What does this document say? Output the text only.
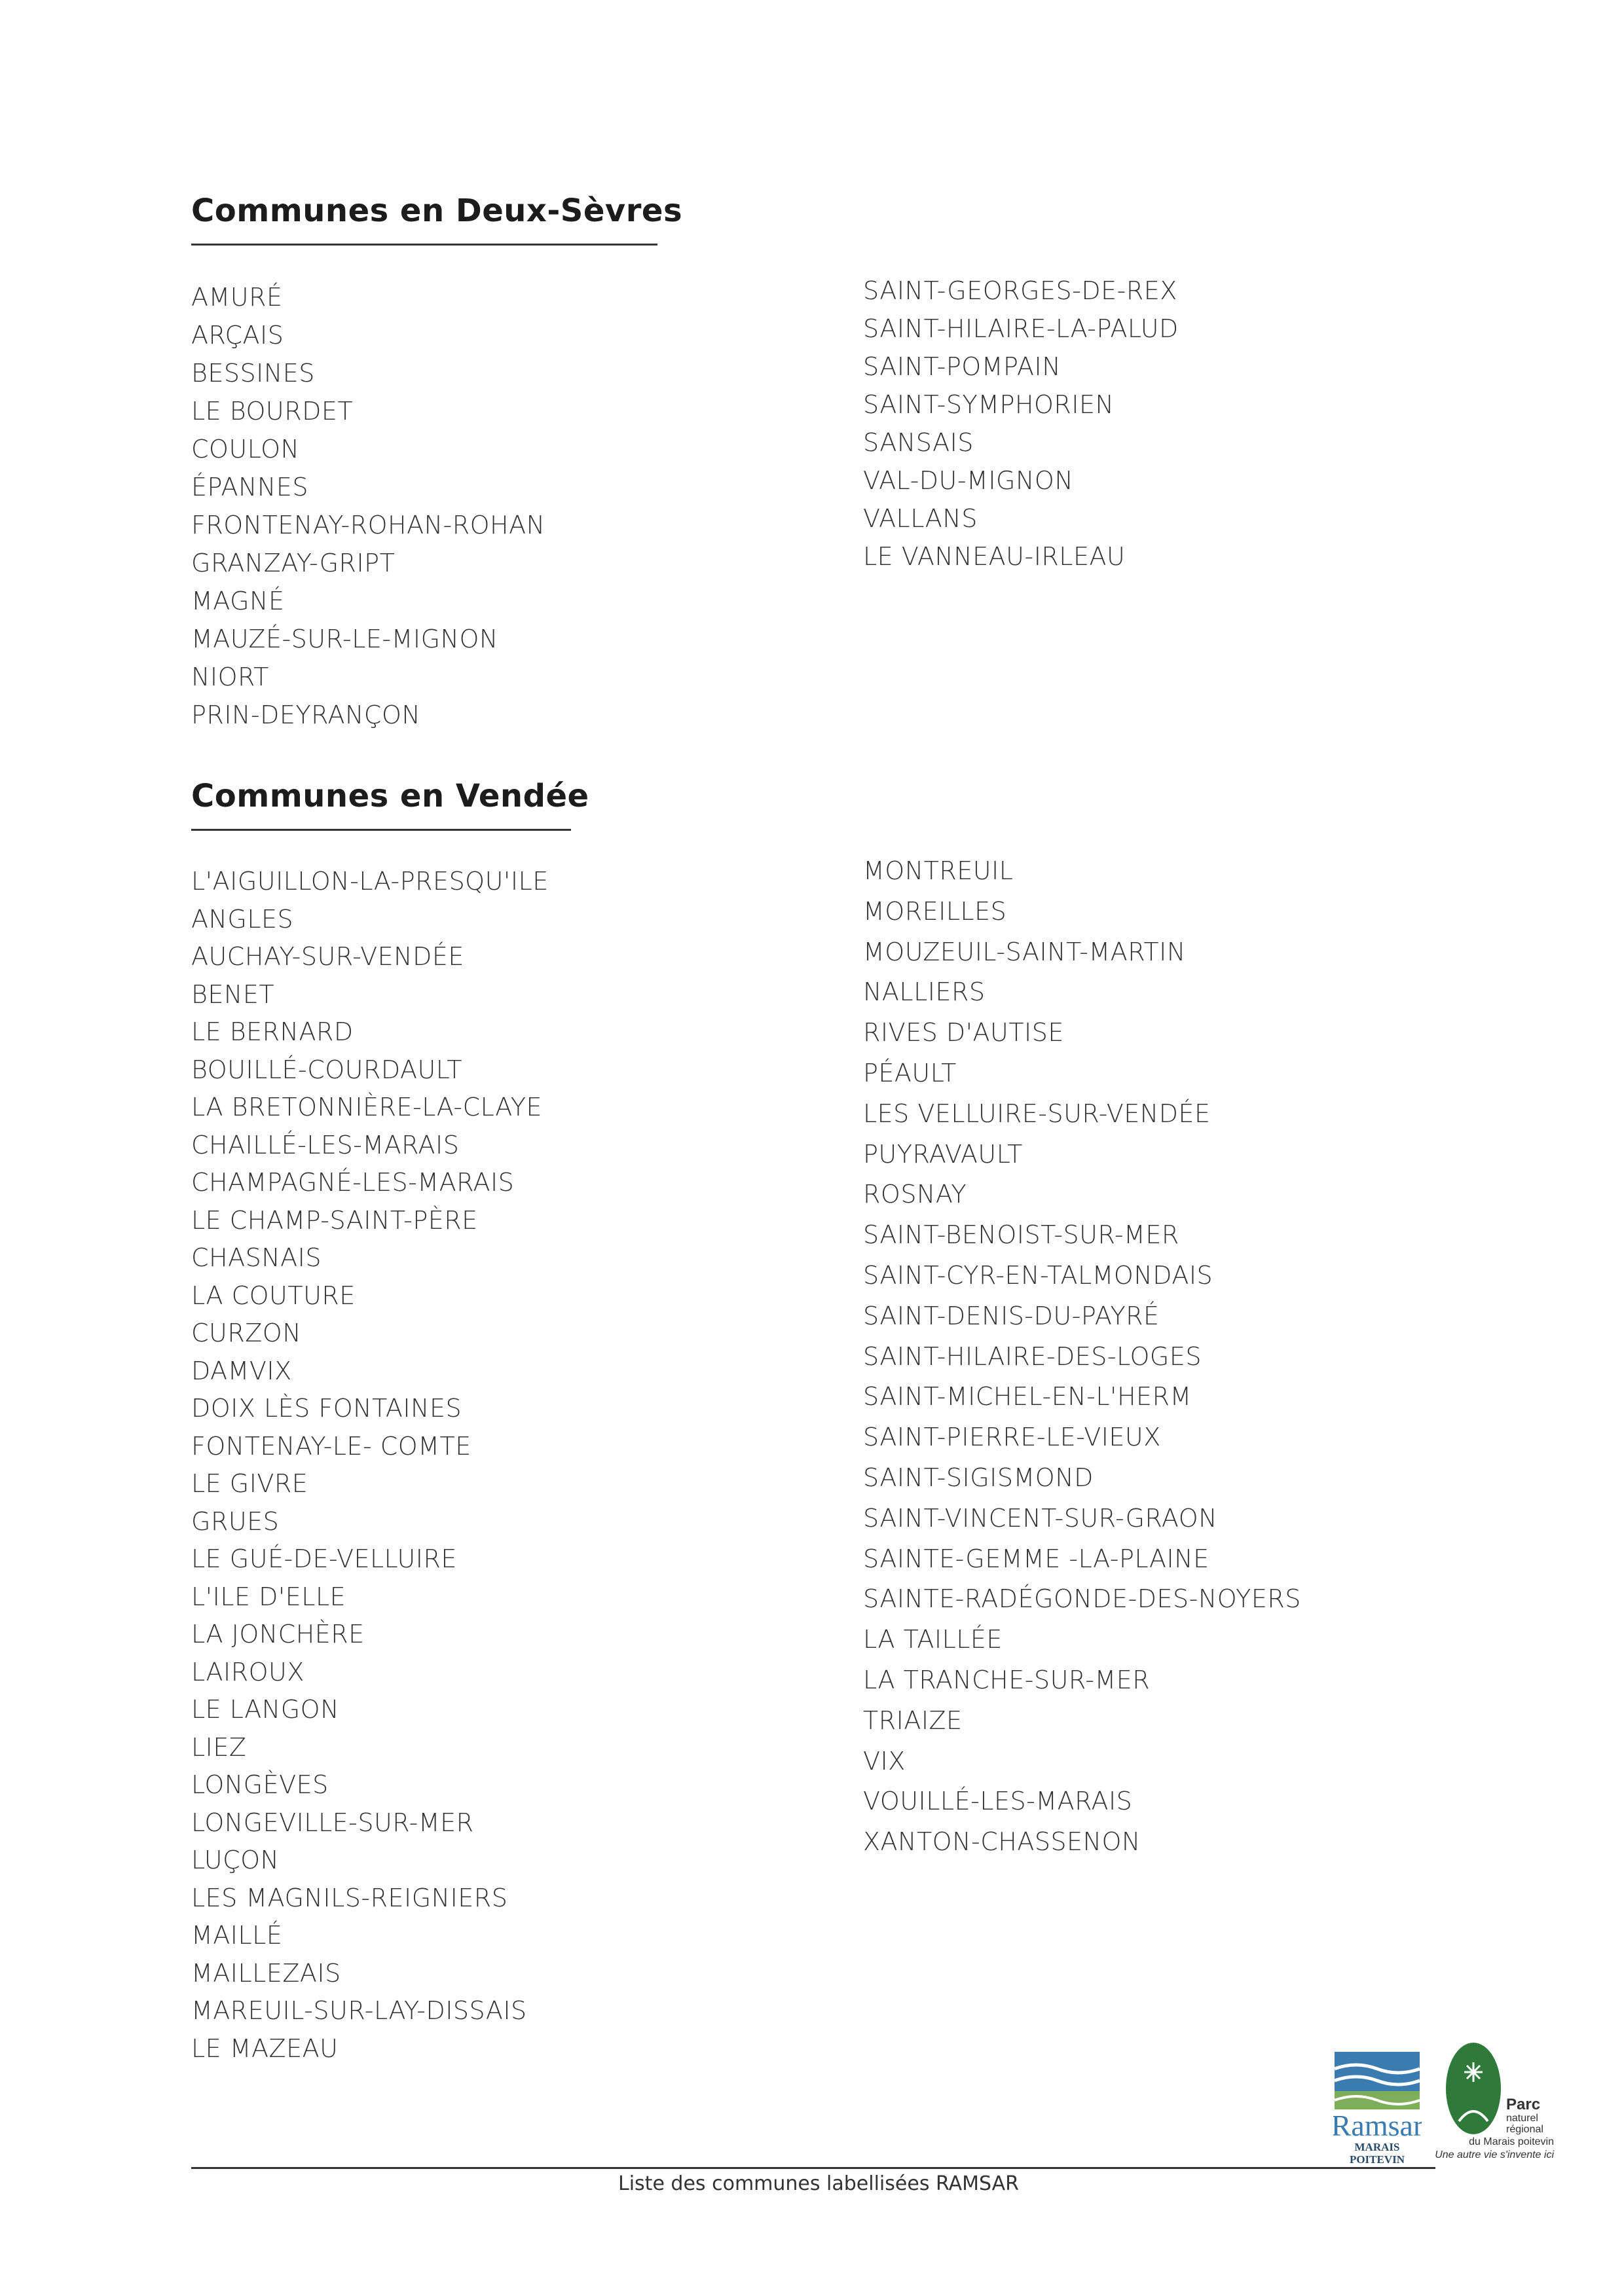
Communes en Deux-Sèvres
AMURÉ
ARÇAIS
BESSINES
LE BOURDET
COULON
ÉPANNES
FRONTENAY-ROHAN-ROHAN
GRANZAY-GRIPT
MAGNÉ
MAUZÉ-SUR-LE-MIGNON
NIORT
PRIN-DEYRANÇON
SAINT-GEORGES-DE-REX
SAINT-HILAIRE-LA-PALUD
SAINT-POMPAIN
SAINT-SYMPHORIEN
SANSAIS
VAL-DU-MIGNON
VALLANS
LE VANNEAU-IRLEAU
Communes en Vendée
L'AIGUILLON-LA-PRESQU'ILE
ANGLES
AUCHAY-SUR-VENDÉE
BENET
LE BERNARD
BOUILLÉ-COURDAULT
LA BRETONNIÈRE-LA-CLAYE
CHAILLÉ-LES-MARAIS
CHAMPAGNÉ-LES-MARAIS
LE CHAMP-SAINT-PÈRE
CHASNAIS
LA COUTURE
CURZON
DAMVIX
DOIX LÈS FONTAINES
FONTENAY-LE- COMTE
LE GIVRE
GRUES
LE GUÉ-DE-VELLUIRE
L'ILE D'ELLE
LA JONCHÈRE
LAIROUX
LE LANGON
LIEZ
LONGÈVES
LONGEVILLE-SUR-MER
LUÇON
LES MAGNILS-REIGNIERS
MAILLÉ
MAILLEZAIS
MAREUIL-SUR-LAY-DISSAIS
LE MAZEAU
MONTREUIL
MOREILLES
MOUZEUIL-SAINT-MARTIN
NALLIERS
RIVES D'AUTISE
PÉAULT
LES VELLUIRE-SUR-VENDÉE
PUYRAVAULT
ROSNAY
SAINT-BENOIST-SUR-MER
SAINT-CYR-EN-TALMONDAIS
SAINT-DENIS-DU-PAYRÉ
SAINT-HILAIRE-DES-LOGES
SAINT-MICHEL-EN-L'HERM
SAINT-PIERRE-LE-VIEUX
SAINT-SIGISMOND
SAINT-VINCENT-SUR-GRAON
SAINTE-GEMME -LA-PLAINE
SAINTE-RADÉGONDE-DES-NOYERS
LA TAILLÉE
LA TRANCHE-SUR-MER
TRIAIZE
VIX
VOUILLÉ-LES-MARAIS
XANTON-CHASSENON
Ramsar
MARAIS
POITEVIN
Parc
naturel
régional
du Marais poitevin
Une autre vie s'invente ici
Liste des communes labellisées RAMSAR
